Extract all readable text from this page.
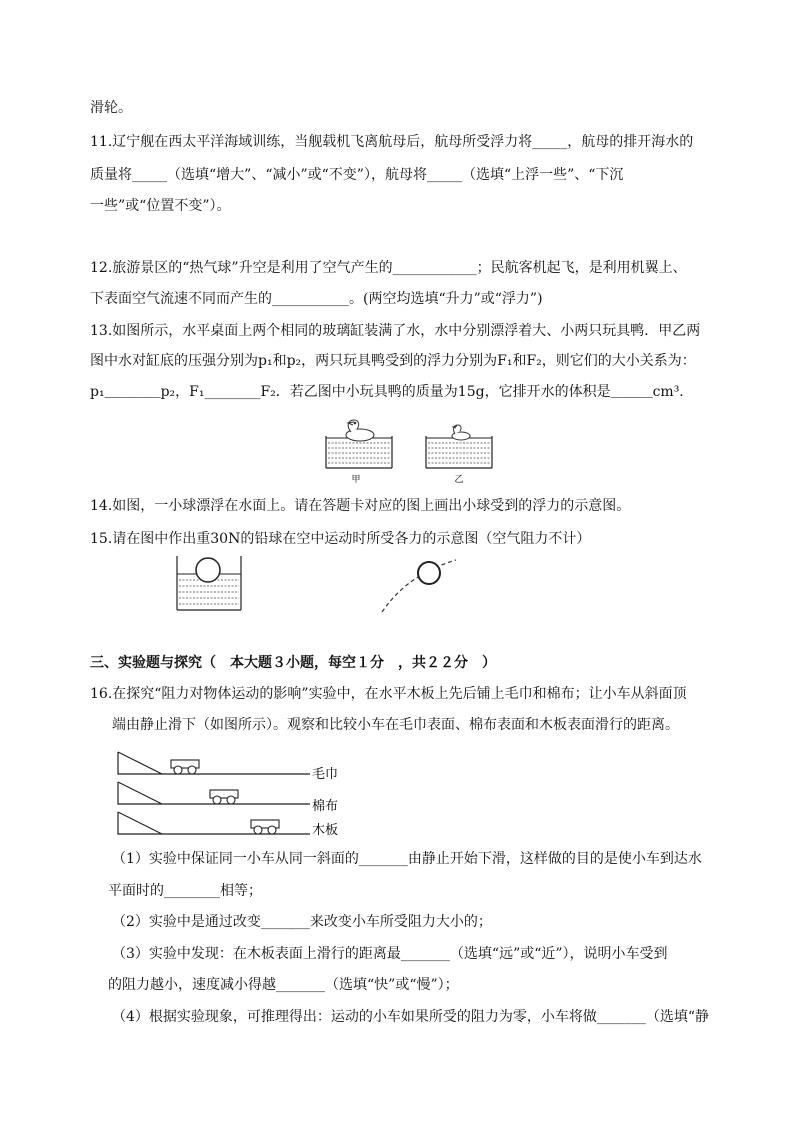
滑轮。
11.辽宁舰在西太平洋海域训练，当舰载机飞离航母后，航母所受浮力将_____，航母的排开海水的
质量将_____（选填“增大”、“减小”或“不变”），航母将_____（选填“上浮一些”、“下沉
一些”或“位置不变”）。
12.旅游景区的“热气球”升空是利用了空气产生的____________；民航客机起飞，是利用机翼上、
下表面空气流速不同而产生的___________。(两空均选填“升力”或“浮力”)
13.如图所示，水平桌面上两个相同的玻璃缸装满了水，水中分别漂浮着大、小两只玩具鸭．甲乙两
图中水对缸底的压强分别为p₁和p₂，两只玩具鸭受到的浮力分别为F₁和F₂，则它们的大小关系为：
p₁＿＿＿＿p₂，F₁________F₂．若乙图中小玩具鸭的质量为15g，它排开水的体积是＿＿＿cm³.
甲	乙
14.如图，一小球漂浮在水面上。请在答题卡对应的图上画出小球受到的浮力的示意图。
15.请在图中作出重30N的铅球在空中运动时所受各力的示意图（空气阻力不计）
三、实验题与探究（　本大题３小题，每空１分　，共２２分　）
16.在探究“阻力对物体运动的影响”实验中，在水平木板上先后铺上毛巾和棉布；让小车从斜面顶
端由静止滑下（如图所示）。观察和比较小车在毛巾表面、棉布表面和木板表面滑行的距离。
毛巾
棉布
木板
（1）实验中保证同一小车从同一斜面的_______由静止开始下滑，这样做的目的是使小车到达水
平面时的________相等；
（2）实验中是通过改变_______来改变小车所受阻力大小的；
（3）实验中发现：在木板表面上滑行的距离最_______（选填“远”或“近”），说明小车受到
的阻力越小，速度减小得越_______（选填“快”或“慢”）；
（4）根据实验现象，可推理得出：运动的小车如果所受的阻力为零，小车将做_______（选填“静
